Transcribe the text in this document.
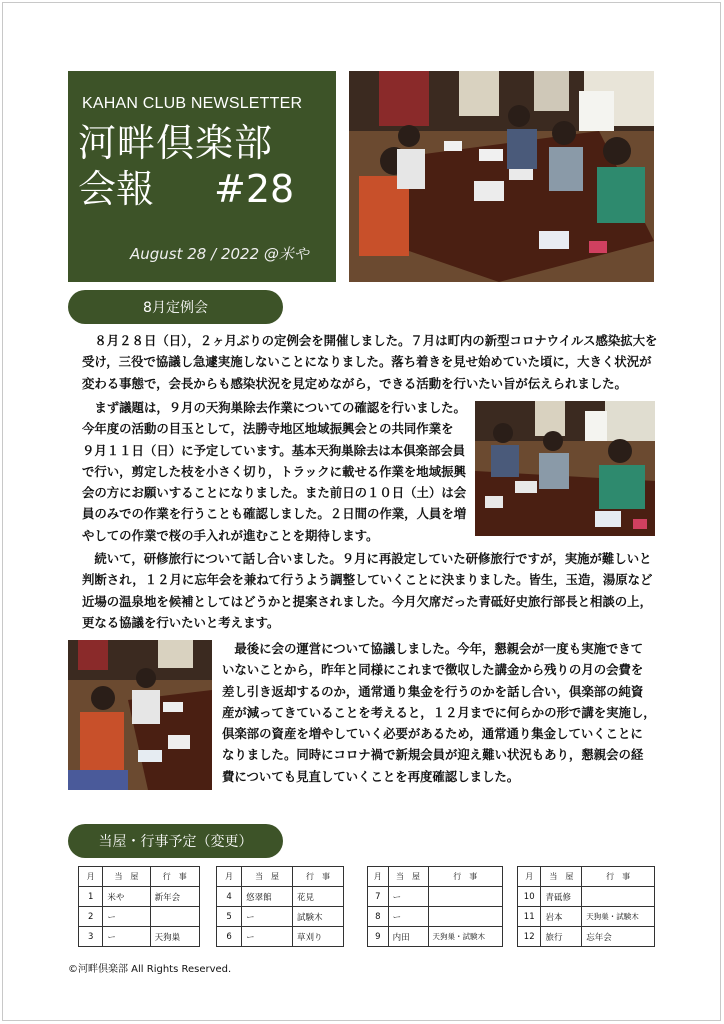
KAHAN CLUB NEWSLETTER
河畔倶楽部
会報 #28
August 28 / 2022 @米や
8月定例会
　８月２８日（日），２ヶ月ぶりの定例会を開催しました。７月は町内の新型コロナウイルス感染拡大を
受け，三役で協議し急遽実施しないことになりました。落ち着きを見せ始めていた頃に，大きく状況が
変わる事態で，会長からも感染状況を見定めながら，できる活動を行いたい旨が伝えられました。
　まず議題は，９月の天狗巣除去作業についての確認を行いました。
今年度の活動の目玉として，法勝寺地区地域振興会との共同作業を
９月１１日（日）に予定しています。基本天狗巣除去は本倶楽部会員
で行い，剪定した枝を小さく切り，トラックに載せる作業を地域振興
会の方にお願いすることになりました。また前日の１０日（土）は会
員のみでの作業を行うことも確認しました。２日間の作業，人員を増
やしての作業で桜の手入れが進むことを期待します。
　続いて，研修旅行について話し合いました。９月に再設定していた研修旅行ですが，実施が難しいと
判断され，１２月に忘年会を兼ねて行うよう調整していくことに決まりました。皆生，玉造，湯原など
近場の温泉地を候補としてはどうかと提案されました。今月欠席だった青砥好史旅行部長と相談の上，
更なる協議を行いたいと考えます。
　最後に会の運営について協議しました。今年，懇親会が一度も実施できて
いないことから，昨年と同様にこれまで徴収した講金から残りの月の会費を
差し引き返却するのか，通常通り集金を行うのかを話し合い，倶楽部の純資
産が減ってきていることを考えると，１２月までに何らかの形で講を実施し，
倶楽部の資産を増やしていく必要があるため，通常通り集金していくことに
なりました。同時にコロナ禍で新規会員が迎え難い状況もあり，懇親会の経
費についても見直していくことを再度確認しました。
当屋・行事予定（変更）
月	当　屋	行　事
1	米や	新年会
2	ー	
3	ー	天狗巣
月	当　屋	行　事
4	悠翠館	花見
5	ー	試験木
6	ー	草刈り
月	当　屋	行　事
7	ー	
8	ー	
9	内田	天狗巣・試験木
月	当　屋	行　事
10	青砥修	
11	岩本	天狗巣・試験木
12	旅行	忘年会
©河畔倶楽部 All Rights Reserved.
